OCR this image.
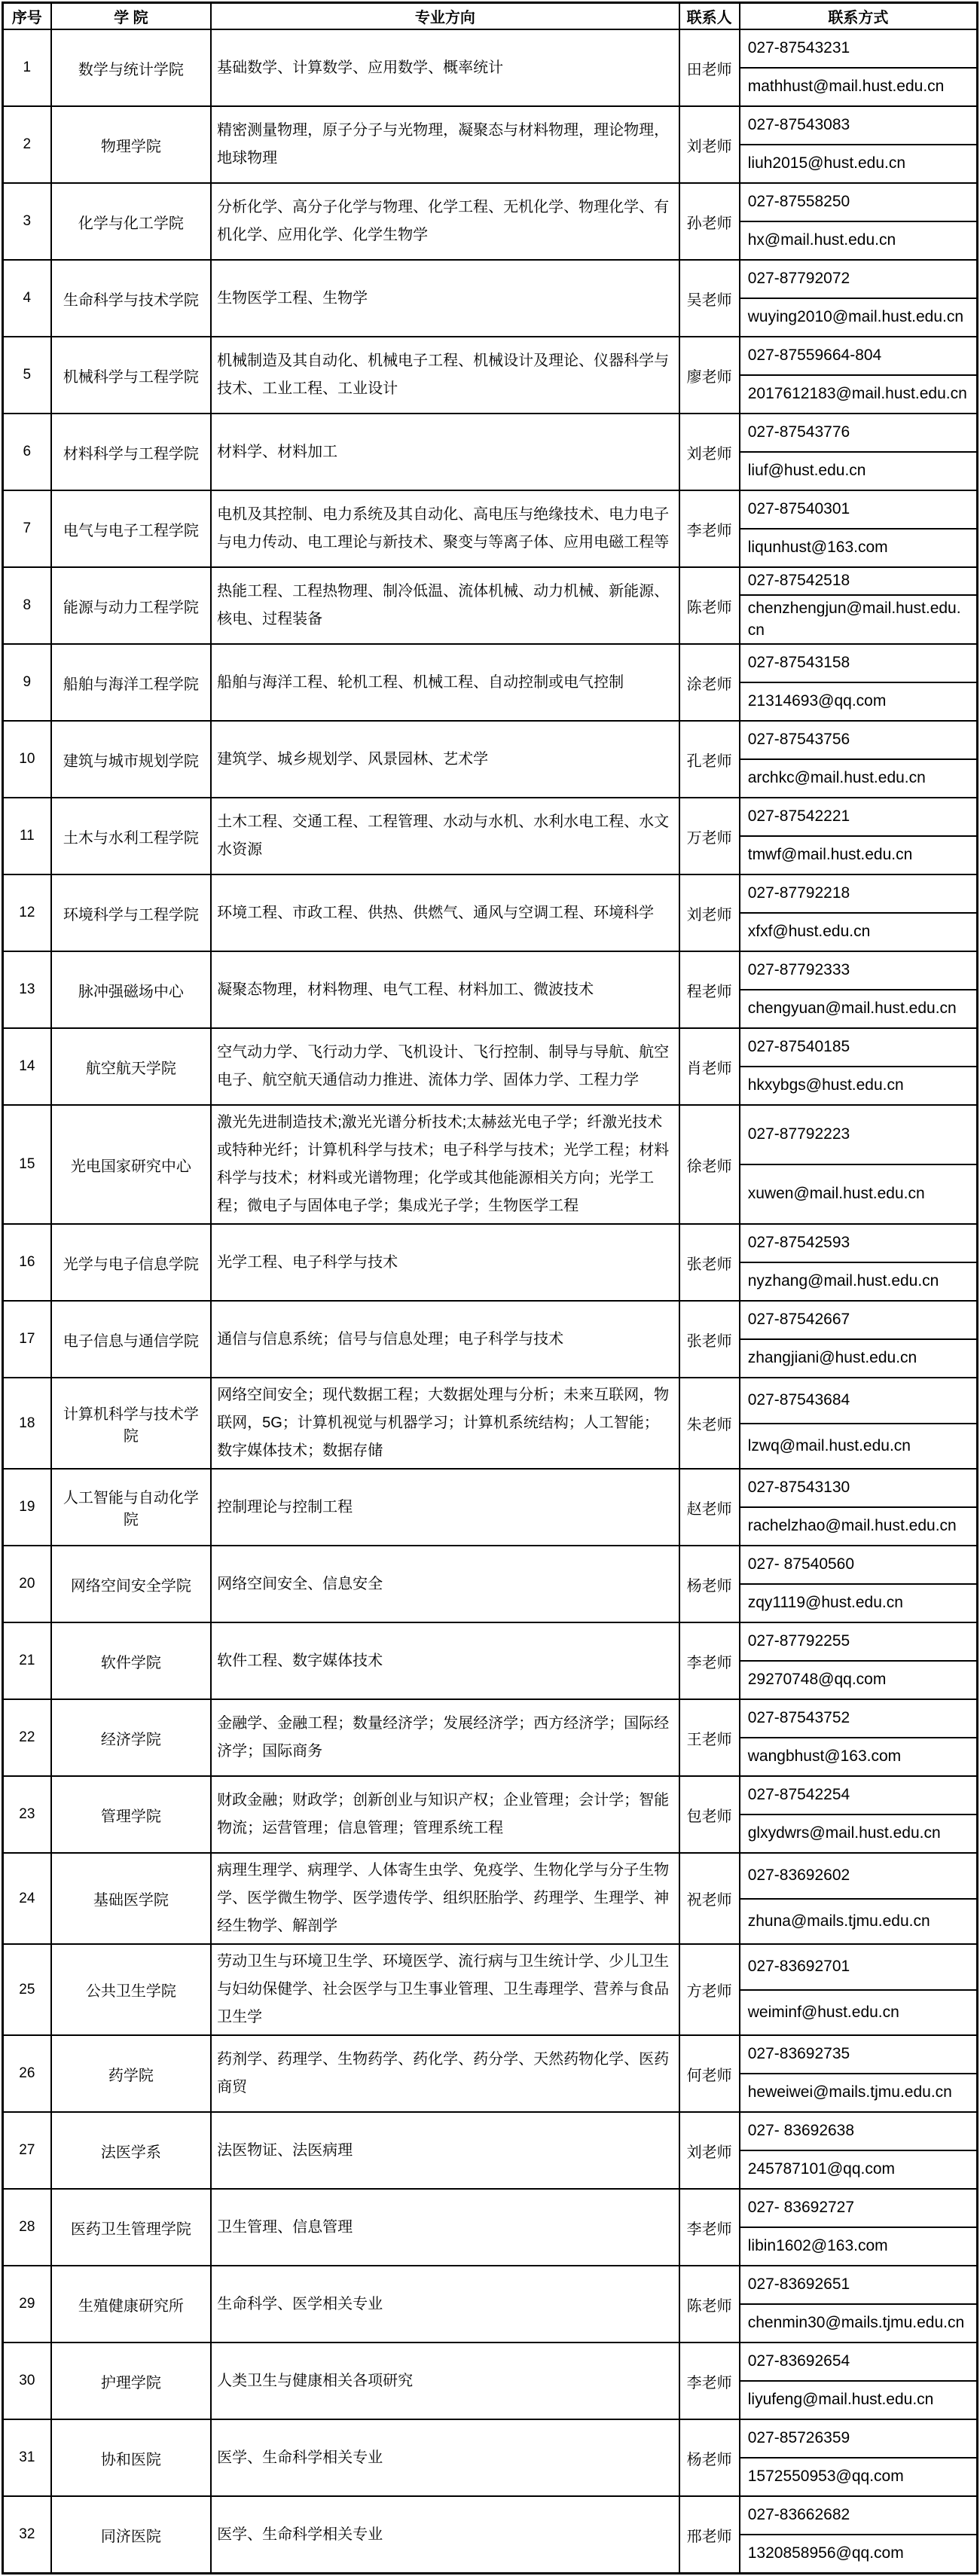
序号	学 院	专业方向	联系人	联系方式
1	数学与统计学院	基础数学、计算数学、应用数学、概率统计	田老师	027-87543231
mathhust@mail.hust.edu.cn

2	物理学院	精密测量物理，原子分子与光物理，凝聚态与材料物理，理论物理，地球物理	刘老师	027-87543083
liuh2015@hust.edu.cn

3	化学与化工学院	分析化学、高分子化学与物理、化学工程、无机化学、物理化学、有机化学、应用化学、化学生物学	孙老师	027-87558250
hx@mail.hust.edu.cn

4	生命科学与技术学院	生物医学工程、生物学	吴老师	027-87792072
wuying2010@mail.hust.edu.cn

5	机械科学与工程学院	机械制造及其自动化、机械电子工程、机械设计及理论、仪器科学与技术、工业工程、工业设计	廖老师	027-87559664-804
2017612183@mail.hust.edu.cn

6	材料科学与工程学院	材料学、材料加工	刘老师	027-87543776
liuf@hust.edu.cn

7	电气与电子工程学院	电机及其控制、电力系统及其自动化、高电压与绝缘技术、电力电子与电力传动、电工理论与新技术、聚变与等离子体、应用电磁工程等	李老师	027-87540301
liqunhust@163.com

8	能源与动力工程学院	热能工程、工程热物理、制冷低温、流体机械、动力机械、新能源、核电、过程装备	陈老师	027-87542518
chenzhengjun@mail.hust.edu.cn

9	船舶与海洋工程学院	船舶与海洋工程、轮机工程、机械工程、自动控制或电气控制	涂老师	027-87543158
21314693@qq.com

10	建筑与城市规划学院	建筑学、城乡规划学、风景园林、艺术学	孔老师	027-87543756
archkc@mail.hust.edu.cn

11	土木与水利工程学院	土木工程、交通工程、工程管理、水动与水机、水利水电工程、水文水资源	万老师	027-87542221
tmwf@mail.hust.edu.cn

12	环境科学与工程学院	环境工程、市政工程、供热、供燃气、通风与空调工程、环境科学	刘老师	027-87792218
xfxf@hust.edu.cn

13	脉冲强磁场中心	凝聚态物理，材料物理、电气工程、材料加工、微波技术	程老师	027-87792333
chengyuan@mail.hust.edu.cn

14	航空航天学院	空气动力学、飞行动力学、飞机设计、飞行控制、制导与导航、航空电子、航空航天通信动力推进、流体力学、固体力学、工程力学	肖老师	027-87540185
hkxybgs@hust.edu.cn

15	光电国家研究中心	激光先进制造技术;激光光谱分析技术;太赫兹光电子学；纤激光技术或特种光纤；计算机科学与技术；电子科学与技术；光学工程；材料科学与技术；材料或光谱物理；化学或其他能源相关方向；光学工程；微电子与固体电子学；集成光子学；生物医学工程	徐老师	027-87792223
xuwen@mail.hust.edu.cn

16	光学与电子信息学院	光学工程、电子科学与技术	张老师	027-87542593
nyzhang@mail.hust.edu.cn

17	电子信息与通信学院	通信与信息系统；信号与信息处理；电子科学与技术	张老师	027-87542667
zhangjiani@hust.edu.cn

18	计算机科学与技术学院	网络空间安全；现代数据工程；大数据处理与分析；未来互联网，物联网，5G；计算机视觉与机器学习；计算机系统结构；人工智能；数字媒体技术；数据存储	朱老师	027-87543684
lzwq@mail.hust.edu.cn

19	人工智能与自动化学院	控制理论与控制工程	赵老师	027-87543130
rachelzhao@mail.hust.edu.cn

20	网络空间安全学院	网络空间安全、信息安全	杨老师	027- 87540560
zqy1119@hust.edu.cn

21	软件学院	软件工程、数字媒体技术	李老师	027-87792255
29270748@qq.com

22	经济学院	金融学、金融工程；数量经济学；发展经济学；西方经济学；国际经济学；国际商务	王老师	027-87543752
wangbhust@163.com

23	管理学院	财政金融；财政学；创新创业与知识产权；企业管理；会计学；智能物流；运营管理；信息管理；管理系统工程	包老师	027-87542254
glxydwrs@mail.hust.edu.cn

24	基础医学院	病理生理学、病理学、人体寄生虫学、免疫学、生物化学与分子生物学、医学微生物学、医学遗传学、组织胚胎学、药理学、生理学、神经生物学、解剖学	祝老师	027-83692602
zhuna@mails.tjmu.edu.cn

25	公共卫生学院	劳动卫生与环境卫生学、环境医学、流行病与卫生统计学、少儿卫生与妇幼保健学、社会医学与卫生事业管理、卫生毒理学、营养与食品卫生学	方老师	027-83692701
weiminf@hust.edu.cn

26	药学院	药剂学、药理学、生物药学、药化学、药分学、天然药物化学、医药商贸	何老师	027-83692735
heweiwei@mails.tjmu.edu.cn

27	法医学系	法医物证、法医病理	刘老师	027- 83692638
245787101@qq.com

28	医药卫生管理学院	卫生管理、信息管理	李老师	027- 83692727
libin1602@163.com

29	生殖健康研究所	生命科学、医学相关专业	陈老师	027-83692651
chenmin30@mails.tjmu.edu.cn

30	护理学院	人类卫生与健康相关各项研究	李老师	027-83692654
liyufeng@mail.hust.edu.cn

31	协和医院	医学、生命科学相关专业	杨老师	027-85726359
1572550953@qq.com

32	同济医院	医学、生命科学相关专业	邢老师	027-83662682
1320858956@qq.com
